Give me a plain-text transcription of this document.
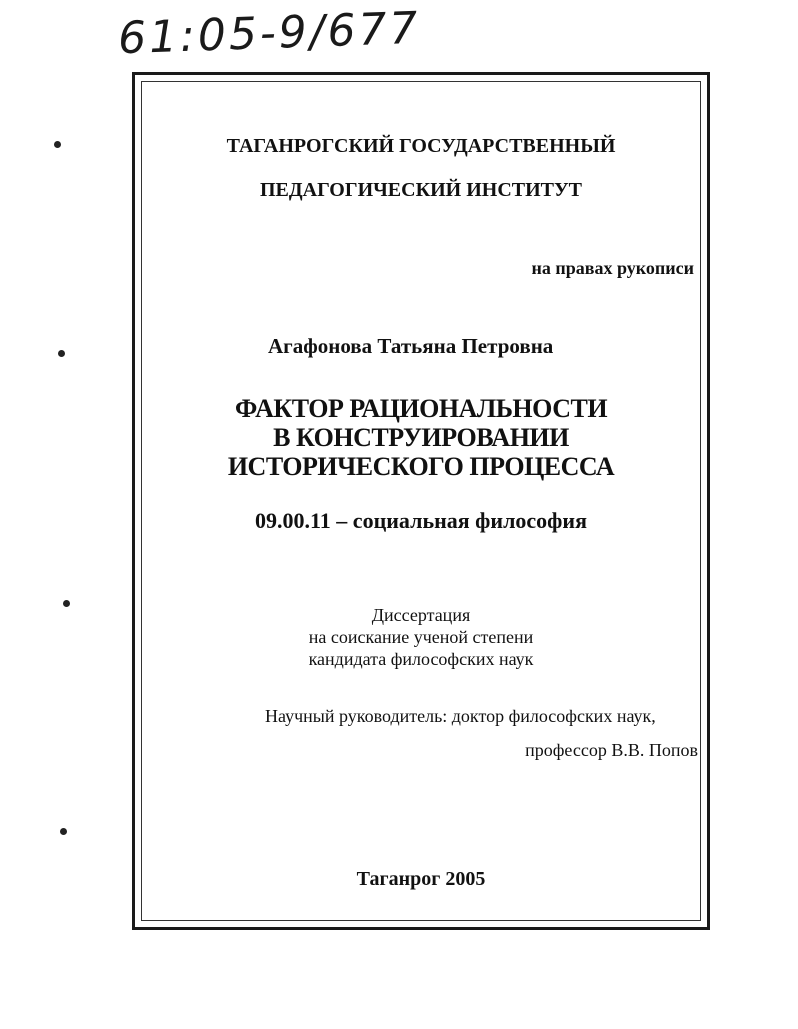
61:05-9/677
ТАГАНРОГСКИЙ ГОСУДАРСТВЕННЫЙ
ПЕДАГОГИЧЕСКИЙ ИНСТИТУТ
на правах рукописи
Агафонова Татьяна Петровна
ФАКТОР РАЦИОНАЛЬНОСТИ
В КОНСТРУИРОВАНИИ
ИСТОРИЧЕСКОГО ПРОЦЕССА
09.00.11 – социальная философия
Диссертация
на соискание ученой степени
кандидата философских наук
Научный руководитель: доктор философских наук,
профессор В.В. Попов
Таганрог 2005
